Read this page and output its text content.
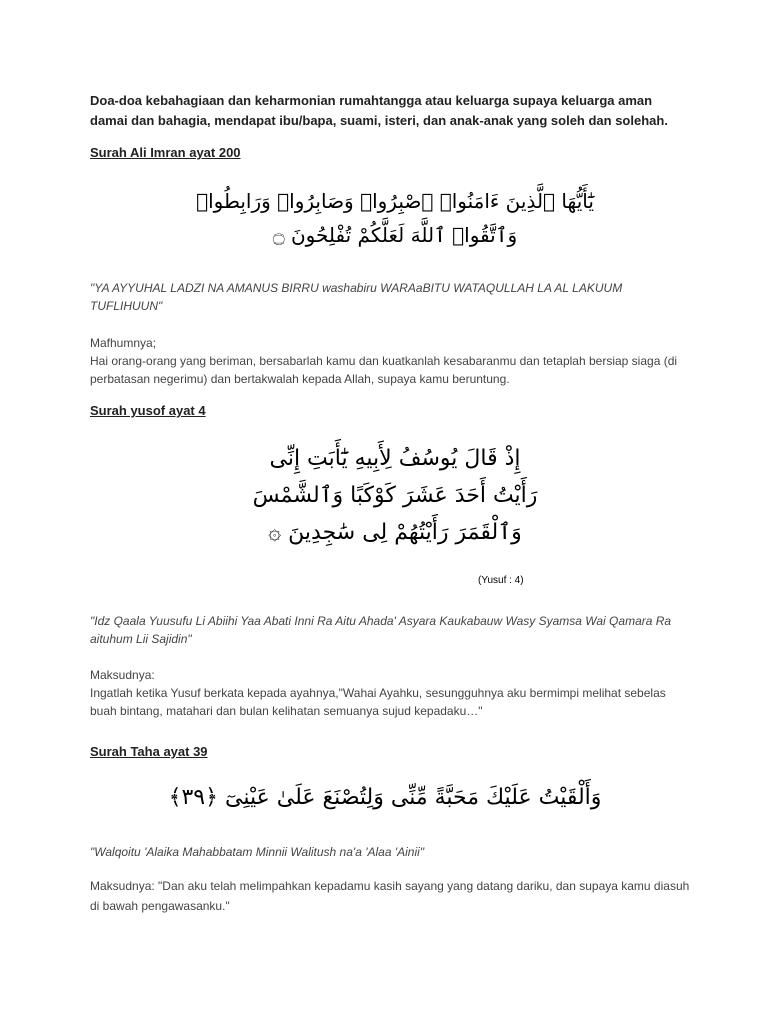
Doa-doa kebahagiaan dan keharmonian rumahtangga atau keluarga supaya keluarga aman damai dan bahagia, mendapat ibu/bapa, suami, isteri, dan anak-anak yang soleh dan solehah.

Surah Ali Imran ayat 200

يَٰٓأَيُّهَا ٱلَّذِينَ ءَامَنُوا۟ ٱصْبِرُوا۟ وَصَابِرُوا۟ وَرَابِطُوا۟
وَٱتَّقُوا۟ ٱللَّهَ لَعَلَّكُمْ تُفْلِحُونَ ۝

"YA AYYUHAL LADZI NA AMANUS BIRRU washabiru WARAaBITU WATAQULLAH LA AL LAKUUM TUFLIHUUN"

Mafhumnya;

Hai orang-orang yang beriman, bersabarlah kamu dan kuatkanlah kesabaranmu dan tetaplah bersiap siaga (di perbatasan negerimu) dan bertakwalah kepada Allah, supaya kamu beruntung.

Surah yusof ayat 4

إِذْ قَالَ يُوسُفُ لِأَبِيهِ يَٰٓأَبَتِ إِنِّى
رَأَيْتُ أَحَدَ عَشَرَ كَوْكَبًا وَٱلشَّمْسَ
وَٱلْقَمَرَ رَأَيْتُهُمْ لِى سَٰجِدِينَ ۞
(Yusuf : 4)

"Idz Qaala Yuusufu Li Abiihi Yaa Abati Inni Ra Aitu Ahada' Asyara Kaukabauw Wasy Syamsa Wai Qamara Ra aituhum Lii Sajidin"

Maksudnya:

Ingatlah ketika Yusuf berkata kepada ayahnya,"Wahai Ayahku, sesungguhnya aku bermimpi melihat sebelas buah bintang, matahari dan bulan kelihatan semuanya sujud kepadaku…"

Surah Taha ayat 39

وَأَلْقَيْتُ عَلَيْكَ مَحَبَّةً مِّنِّى وَلِتُصْنَعَ عَلَىٰ عَيْنِىٓ ﴿٣٩﴾

"Walqoitu 'Alaika Mahabbatam Minnii Walitush na'a 'Alaa 'Ainii"

Maksudnya: "Dan aku telah melimpahkan kepadamu kasih sayang yang datang dariku, dan supaya kamu diasuh di bawah pengawasanku."
